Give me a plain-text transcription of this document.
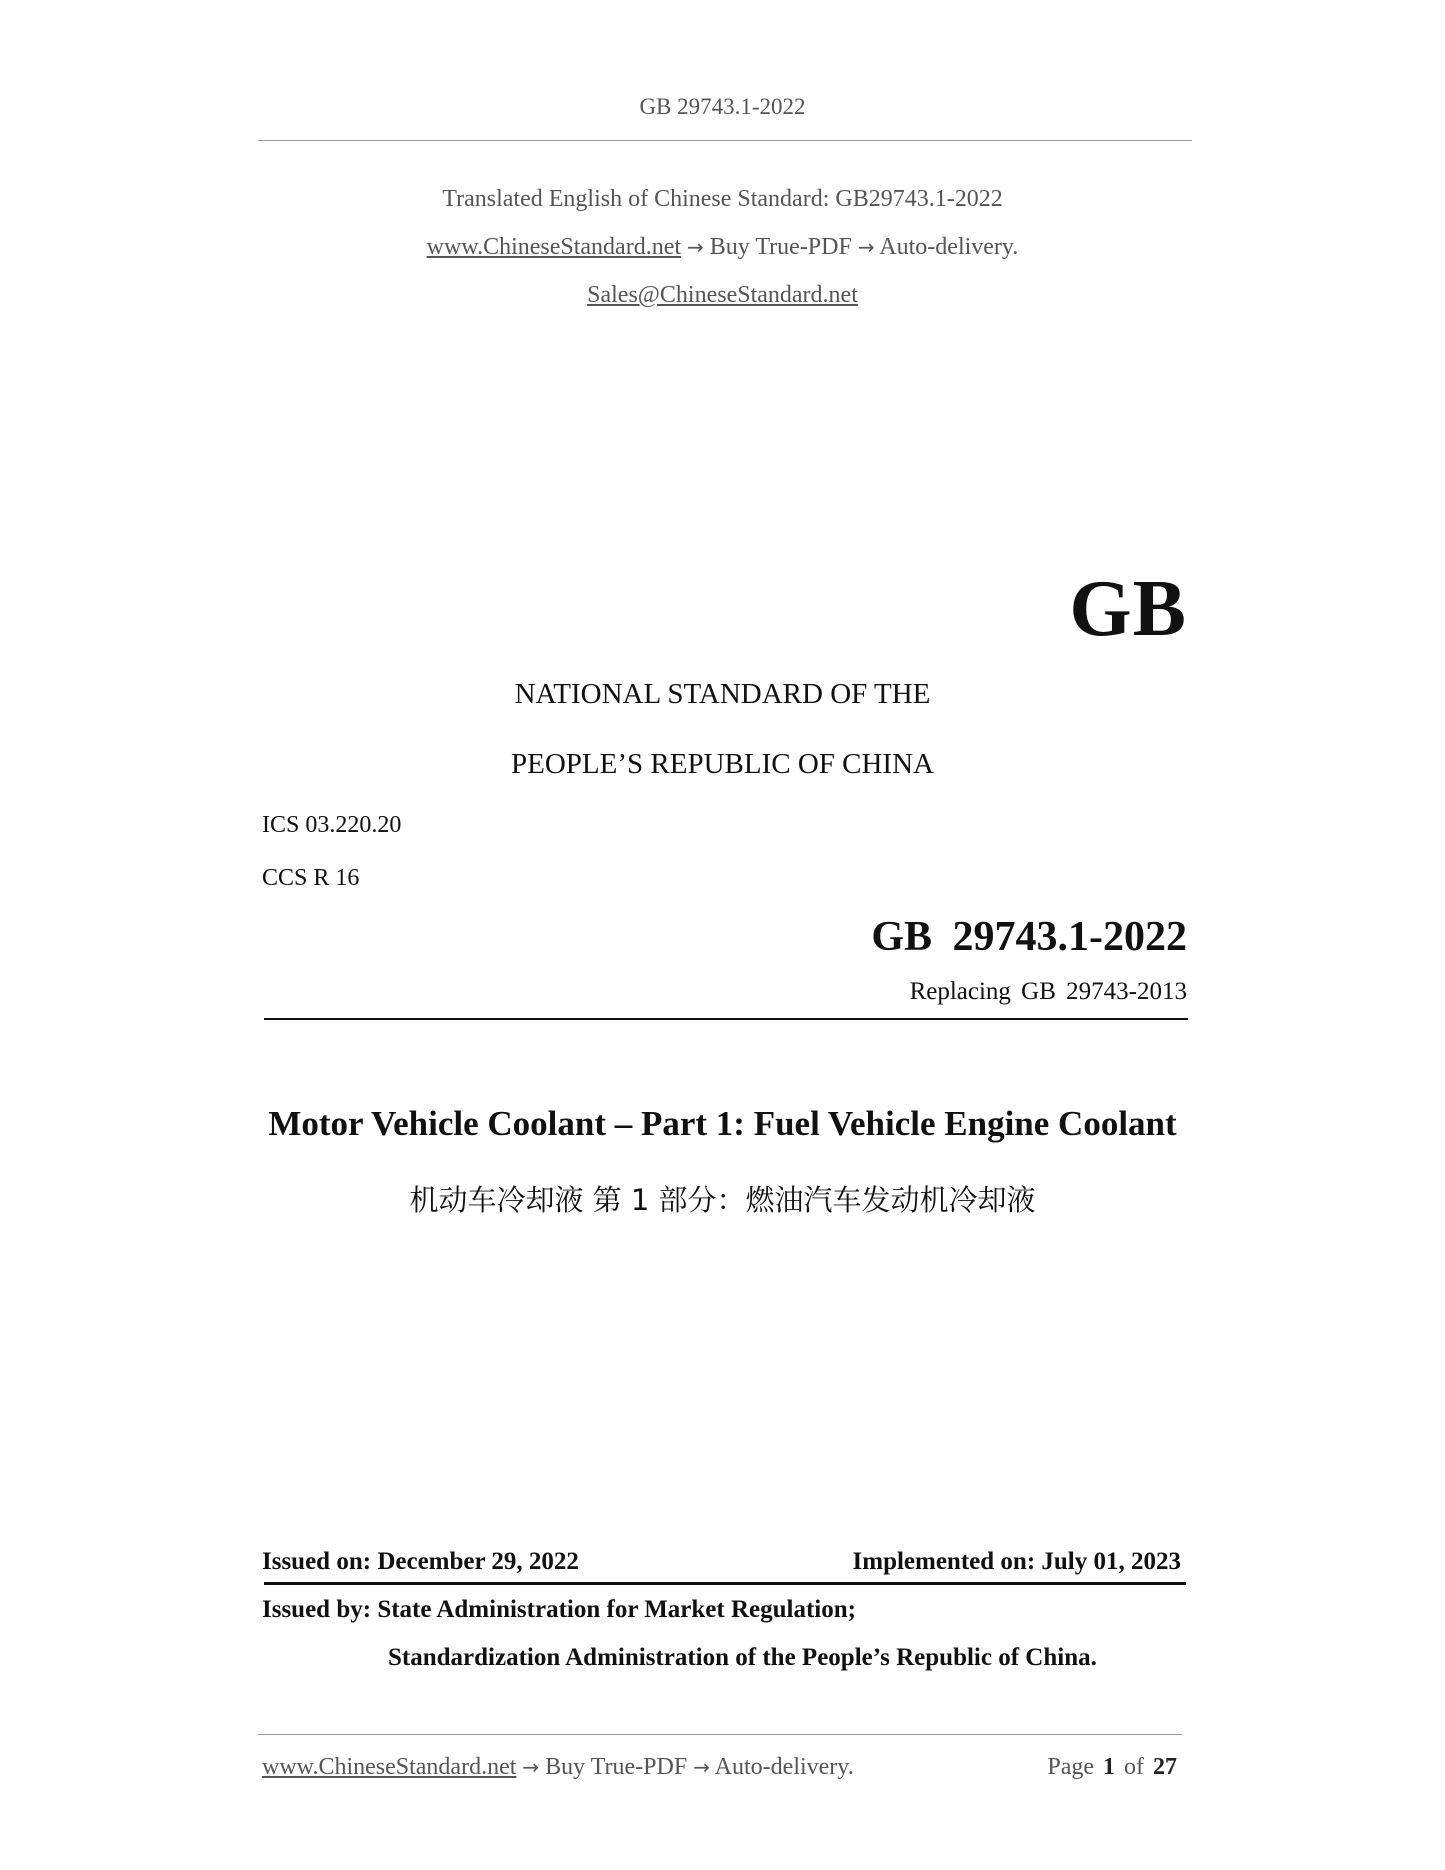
GB 29743.1-2022
Translated English of Chinese Standard: GB29743.1-2022
www.ChineseStandard.net → Buy True-PDF → Auto-delivery.
Sales@ChineseStandard.net
GB
NATIONAL STANDARD OF THE
PEOPLE’S REPUBLIC OF CHINA
ICS 03.220.20
CCS R 16
GB 29743.1-2022
Replacing GB 29743-2013
Motor Vehicle Coolant – Part 1: Fuel Vehicle Engine Coolant
机动车冷却液 第 1 部分：燃油汽车发动机冷却液
Issued on: December 29, 2022	Implemented on: July 01, 2023
Issued by: State Administration for Market Regulation;
Standardization Administration of the People’s Republic of China.
www.ChineseStandard.net → Buy True-PDF → Auto-delivery.	Page 1 of 27
